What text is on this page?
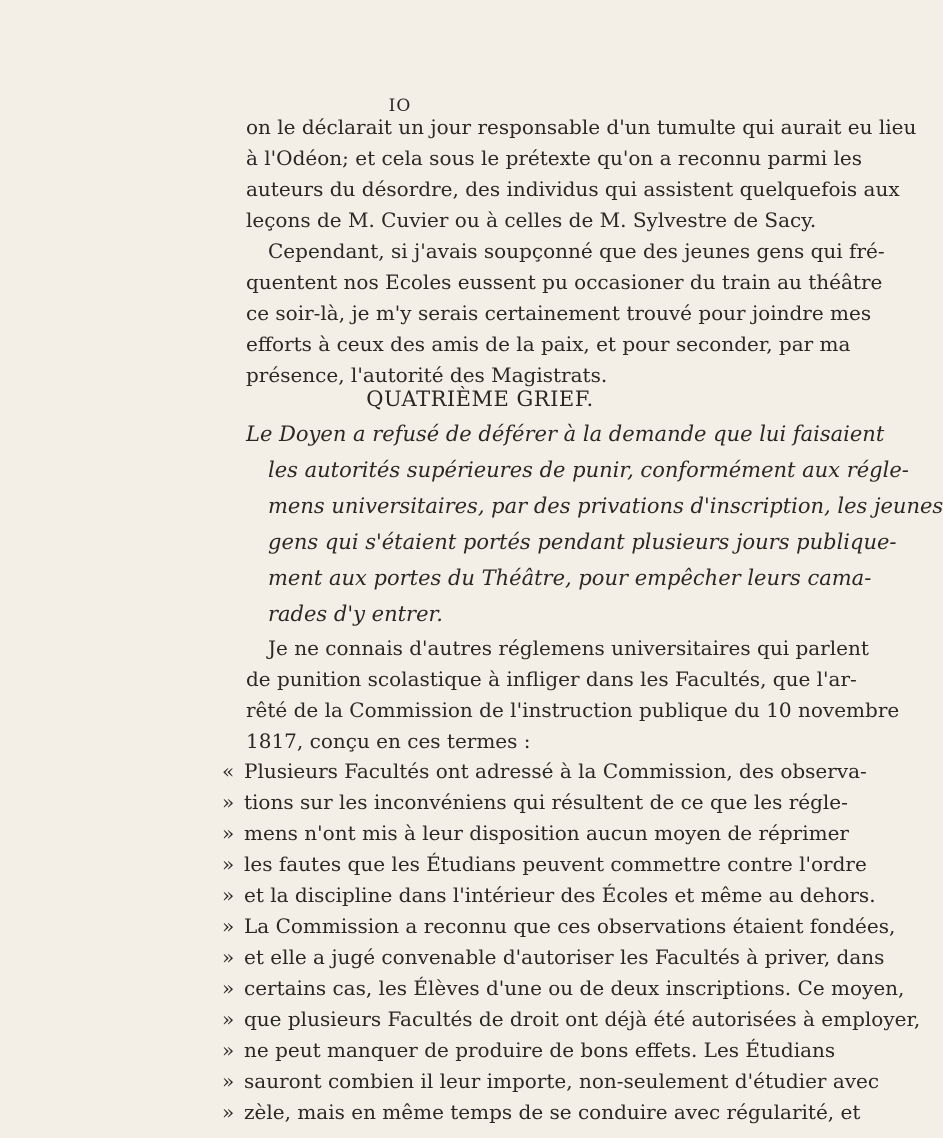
IO
on le déclarait un jour responsable d'un tumulte qui aurait eu lieu
à l'Odéon; et cela sous le prétexte qu'on a reconnu parmi les
auteurs du désordre, des individus qui assistent quelquefois aux
leçons de M. Cuvier ou à celles de M. Sylvestre de Sacy.
Cependant, si j'avais soupçonné que des jeunes gens qui fré-
quentent nos Ecoles eussent pu occasioner du train au théâtre
ce soir-là, je m'y serais certainement trouvé pour joindre mes
efforts à ceux des amis de la paix, et pour seconder, par ma
présence, l'autorité des Magistrats.
QUATRIÈME GRIEF.
Le Doyen a refusé de déférer à la demande que lui faisaient
les autorités supérieures de punir, conformément aux régle-
mens universitaires, par des privations d'inscription, les jeunes
gens qui s'étaient portés pendant plusieurs jours publique-
ment aux portes du Théâtre, pour empêcher leurs cama-
rades d'y entrer.
Je ne connais d'autres réglemens universitaires qui parlent
de punition scolastique à infliger dans les Facultés, que l'ar-
rêté de la Commission de l'instruction publique du 10 novembre
1817, conçu en ces termes :
« Plusieurs Facultés ont adressé à la Commission, des observa-
» tions sur les inconvéniens qui résultent de ce que les régle-
» mens n'ont mis à leur disposition aucun moyen de réprimer
» les fautes que les Étudians peuvent commettre contre l'ordre
» et la discipline dans l'intérieur des Écoles et même au dehors.
» La Commission a reconnu que ces observations étaient fondées,
» et elle a jugé convenable d'autoriser les Facultés à priver, dans
» certains cas, les Élèves d'une ou de deux inscriptions. Ce moyen,
» que plusieurs Facultés de droit ont déjà été autorisées à employer,
» ne peut manquer de produire de bons effets. Les Étudians
» sauront combien il leur importe, non-seulement d'étudier avec
» zèle, mais en même temps de se conduire avec régularité, et
